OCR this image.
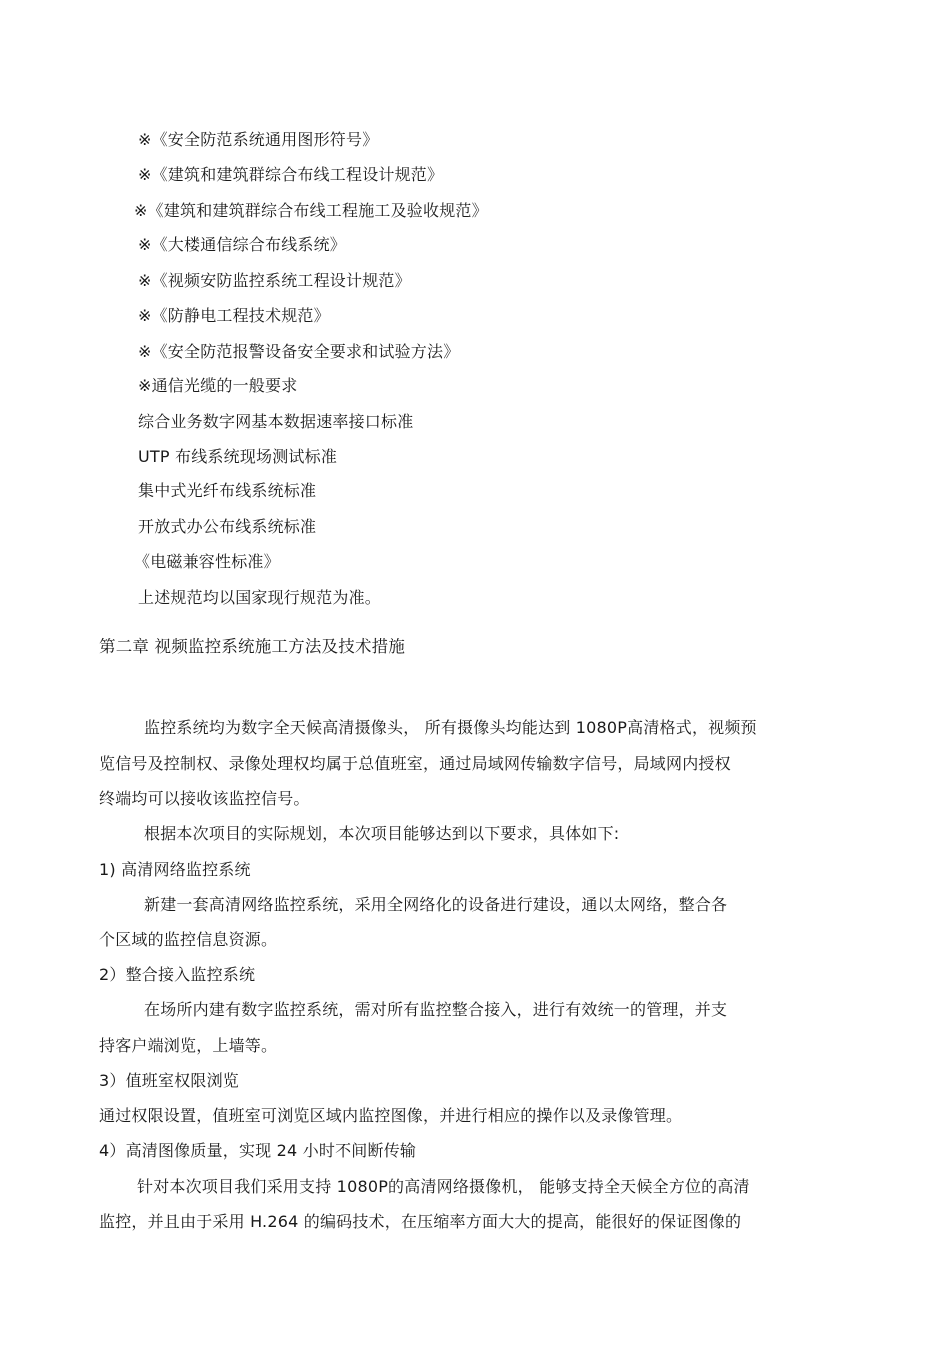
※《安全防范系统通用图形符号》
※《建筑和建筑群综合布线工程设计规范》
※《建筑和建筑群综合布线工程施工及验收规范》
※《大楼通信综合布线系统》
※《视频安防监控系统工程设计规范》
※《防静电工程技术规范》
※《安全防范报警设备安全要求和试验方法》
※通信光缆的一般要求
综合业务数字网基本数据速率接口标准
UTP 布线系统现场测试标准
集中式光纤布线系统标准
开放式办公布线系统标准
《电磁兼容性标准》
上述规范均以国家现行规范为准。
第二章 视频监控系统施工方法及技术措施
监控系统均为数字全天候高清摄像头， 所有摄像头均能达到 1080P高清格式，视频预
览信号及控制权、录像处理权均属于总值班室，通过局域网传输数字信号，局域网内授权
终端均可以接收该监控信号。
根据本次项目的实际规划，本次项目能够达到以下要求，具体如下:
1) 高清网络监控系统
新建一套高清网络监控系统，采用全网络化的设备进行建设，通以太网络，整合各
个区域的监控信息资源。
2）整合接入监控系统
在场所内建有数字监控系统，需对所有监控整合接入，进行有效统一的管理，并支
持客户端浏览，上墙等。
3）值班室权限浏览
通过权限设置，值班室可浏览区域内监控图像，并进行相应的操作以及录像管理。
4）高清图像质量，实现 24 小时不间断传输
针对本次项目我们采用支持 1080P的高清网络摄像机， 能够支持全天候全方位的高清
监控，并且由于采用 H.264 的编码技术，在压缩率方面大大的提高，能很好的保证图像的
